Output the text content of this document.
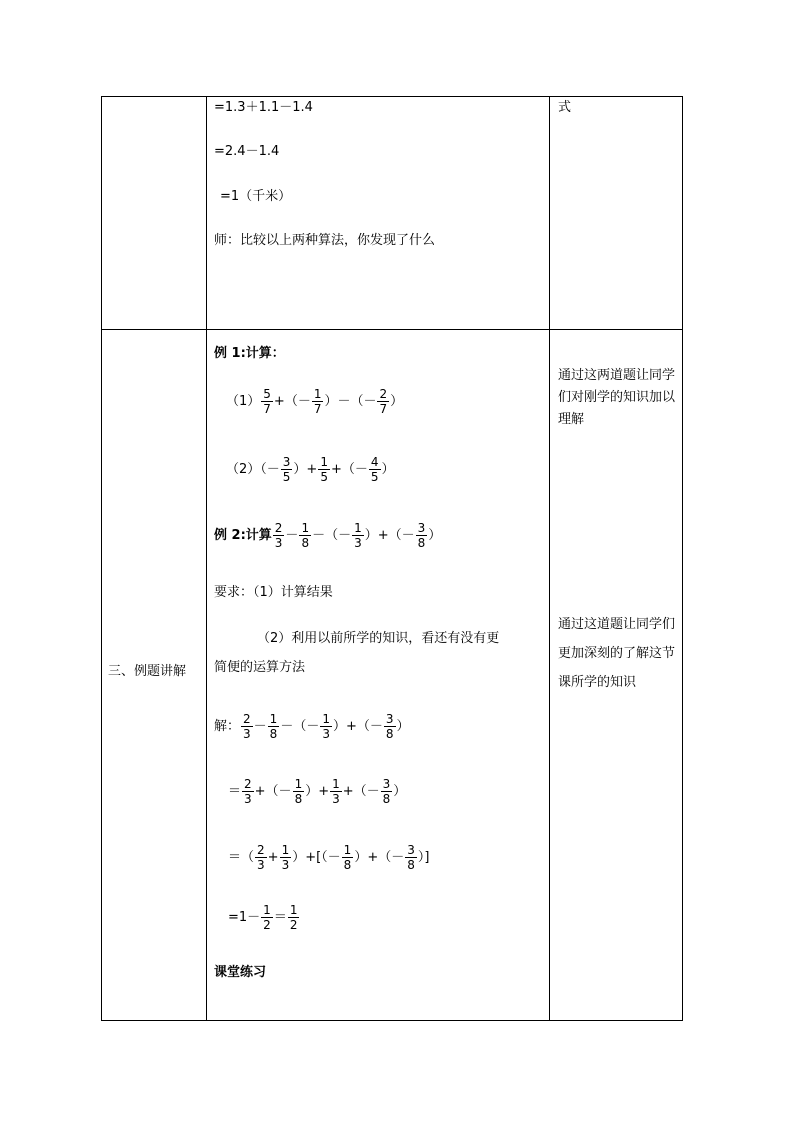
=1.3＋1.1－1.4
=2.4－1.4
=1（千米）
师：比较以上两种算法，你发现了什么
式
三、例题讲解
例 1:计算：
$(1) \frac{5}{7}$ +（－ $\frac{1}{7}$ ）－（－ $\frac{2}{7}$ ）
$(2)(- \frac{3}{5}$ ）+ $\frac{1}{5}$ +（－ $\frac{4}{5}$ ）
例 2:计算 $\frac{2}{3} - \frac{1}{8}$ －（－ $\frac{1}{3}$ ）+（－ $\frac{3}{8}$ ）
要求：（1）计算结果
（2）利用以前所学的知识，看还有没有更
简便的运算方法
解： $\frac{2}{3} - \frac{1}{8}$ －（－ $\frac{1}{3}$ ）+（－ $\frac{3}{8}$ ）
＝ $\frac{2}{3}$ +（－ $\frac{1}{8}$ ）+ $\frac{1}{3}$ +（－ $\frac{3}{8}$ ）
＝（ $\frac{2}{3} + \frac{1}{3}$ ）+[（－ $\frac{1}{8}$ ）+（－ $\frac{3}{8}$ ）]
$=1- \frac{1}{2} = \frac{1}{2}$
课堂练习
通过这两道题让同学们对刚学的知识加以理解
通过这道题让同学们更加深刻的了解这节课所学的知识
